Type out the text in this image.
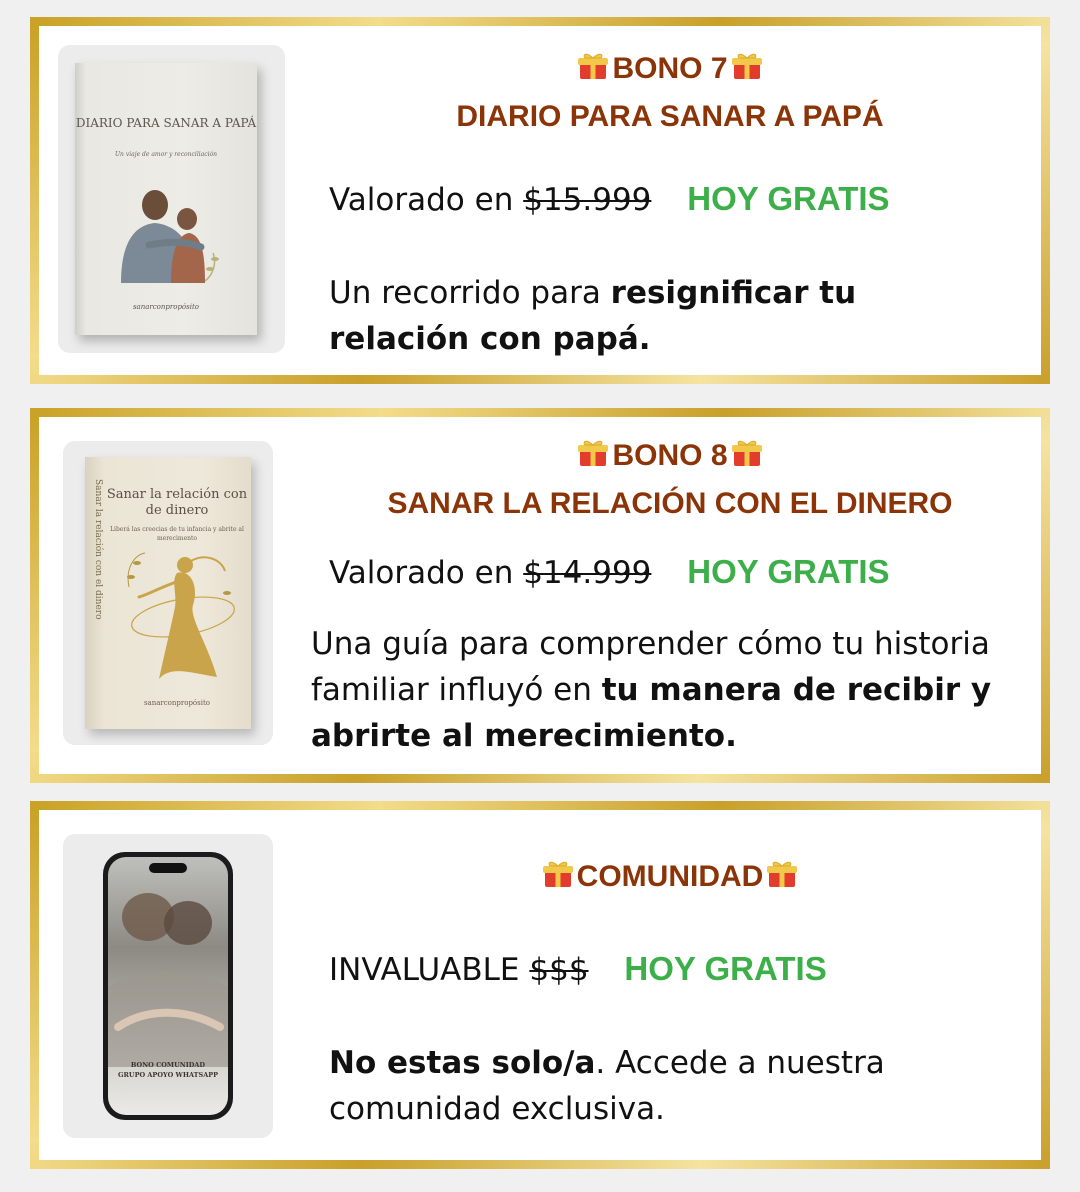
DIARIO PARA SANAR A PAPÁ
Un viaje de amor y reconciliación
sanarconpropósito
BONO 7
DIARIO PARA SANAR A PAPÁ
Valorado en $15.999 HOY GRATIS
Un recorrido para resignificar tu relación con papá.
Sanar la relación con el dinero Sanar la relación con de dinero
Liberá las creecias de tu infancia y abrite al merecimento
sanarconpropósito
BONO 8
SANAR LA RELACIÓN CON EL DINERO
Valorado en $14.999 HOY GRATIS
Una guía para comprender cómo tu historia familiar influyó en tu manera de recibir y abrirte al merecimiento.
BONO COMUNIDAD
GRUPO APOYO WHATSAPP
COMUNIDAD
INVALUABLE $$$ HOY GRATIS
No estas solo/a. Accede a nuestra comunidad exclusiva.
